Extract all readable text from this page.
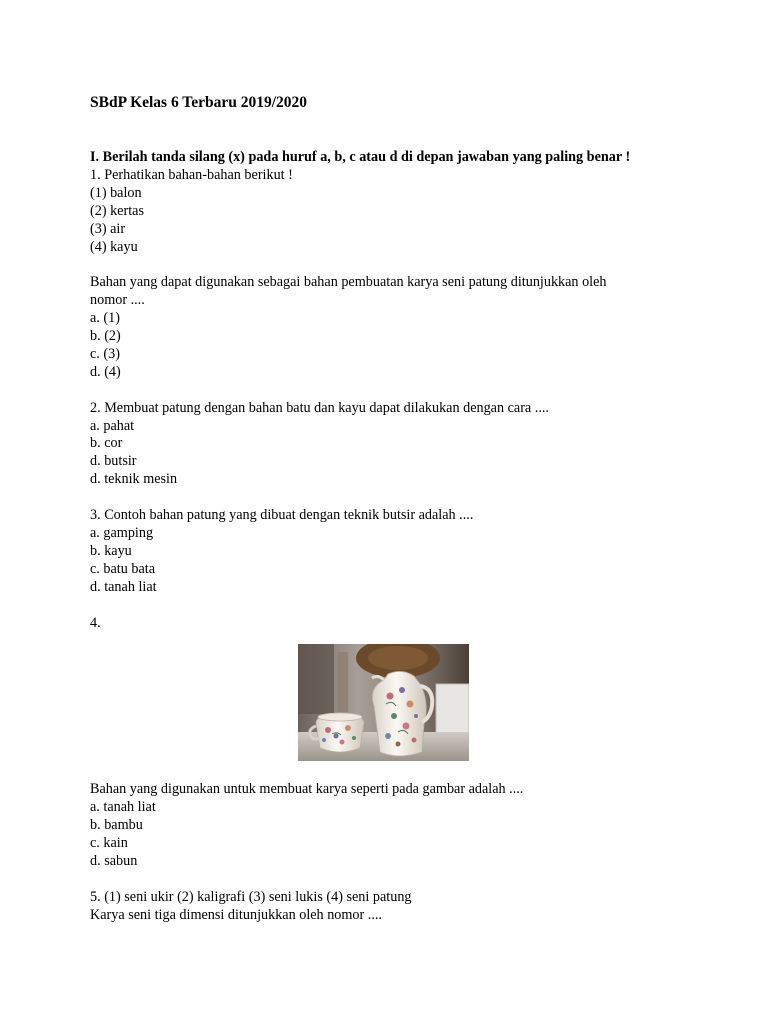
SBdP Kelas 6 Terbaru 2019/2020
I. Berilah tanda silang (x) pada huruf a, b, c atau d di depan jawaban yang paling benar !
1. Perhatikan bahan-bahan berikut !
(1) balon
(2) kertas
(3) air
(4) kayu
Bahan yang dapat digunakan sebagai bahan pembuatan karya seni patung ditunjukkan oleh
nomor ....
a. (1)
b. (2)
c. (3)
d. (4)
2. Membuat patung dengan bahan batu dan kayu dapat dilakukan dengan cara ....
a. pahat
b. cor
d. butsir
d. teknik mesin
3. Contoh bahan patung yang dibuat dengan teknik butsir adalah ....
a. gamping
b. kayu
c. batu bata
d. tanah liat
4.
Bahan yang digunakan untuk membuat karya seperti pada gambar adalah ....
a. tanah liat
b. bambu
c. kain
d. sabun
5. (1) seni ukir (2) kaligrafi (3) seni lukis (4) seni patung
Karya seni tiga dimensi ditunjukkan oleh nomor ....
